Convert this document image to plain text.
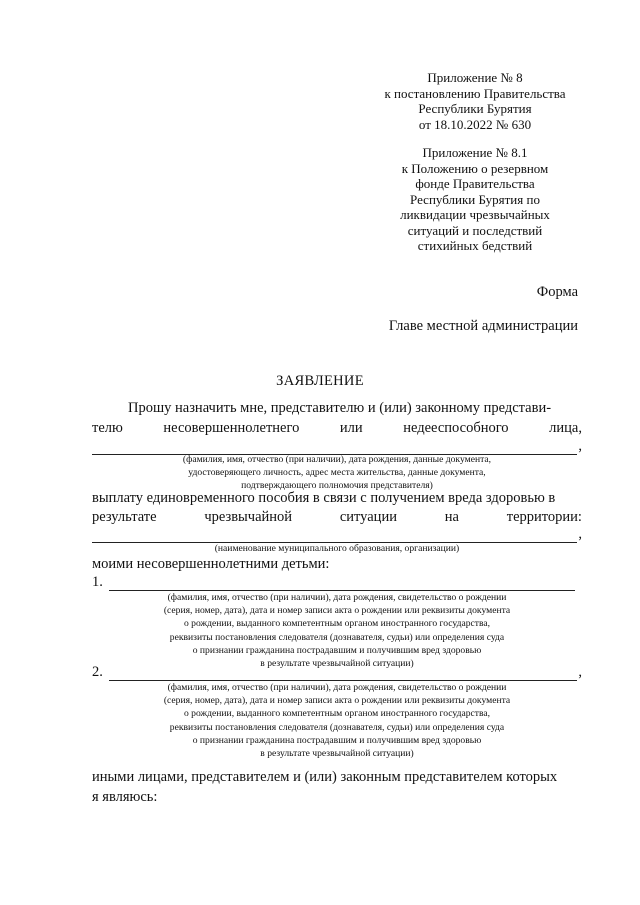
Приложение № 8
к постановлению Правительства
Республики Бурятия
от 18.10.2022 № 630
Приложение № 8.1
к Положению о резервном
фонде Правительства
Республики Бурятия по
ликвидации чрезвычайных
ситуаций и последствий
стихийных бедствий
Форма
Главе местной администрации
ЗАЯВЛЕНИЕ
Прошу назначить мне, представителю и (или) законному представи-
телю	несовершеннолетнего	или	недееспособного	лица,
,
(фамилия, имя, отчество (при наличии), дата рождения, данные документа,
удостоверяющего личность, адрес места жительства, данные документа,
подтверждающего полномочия представителя)
выплату единовременного пособия в связи с получением вреда здоровью в
результате	чрезвычайной	ситуации	на	территории:
,
(наименование муниципального образования, организации)
моими несовершеннолетними детьми:
1.
(фамилия, имя, отчество (при наличии), дата рождения, свидетельство о рождении
(серия, номер, дата), дата и номер записи акта о рождении или реквизиты документа
о рождении, выданного компетентным органом иностранного государства,
реквизиты постановления следователя (дознавателя, судьи) или определения суда
о признании гражданина пострадавшим и получившим вред здоровью
в результате чрезвычайной ситуации)
2.	,
(фамилия, имя, отчество (при наличии), дата рождения, свидетельство о рождении
(серия, номер, дата), дата и номер записи акта о рождении или реквизиты документа
о рождении, выданного компетентным органом иностранного государства,
реквизиты постановления следователя (дознавателя, судьи) или определения суда
о признании гражданина пострадавшим и получившим вред здоровью
в результате чрезвычайной ситуации)
иными лицами, представителем и (или) законным представителем которых
я являюсь:
